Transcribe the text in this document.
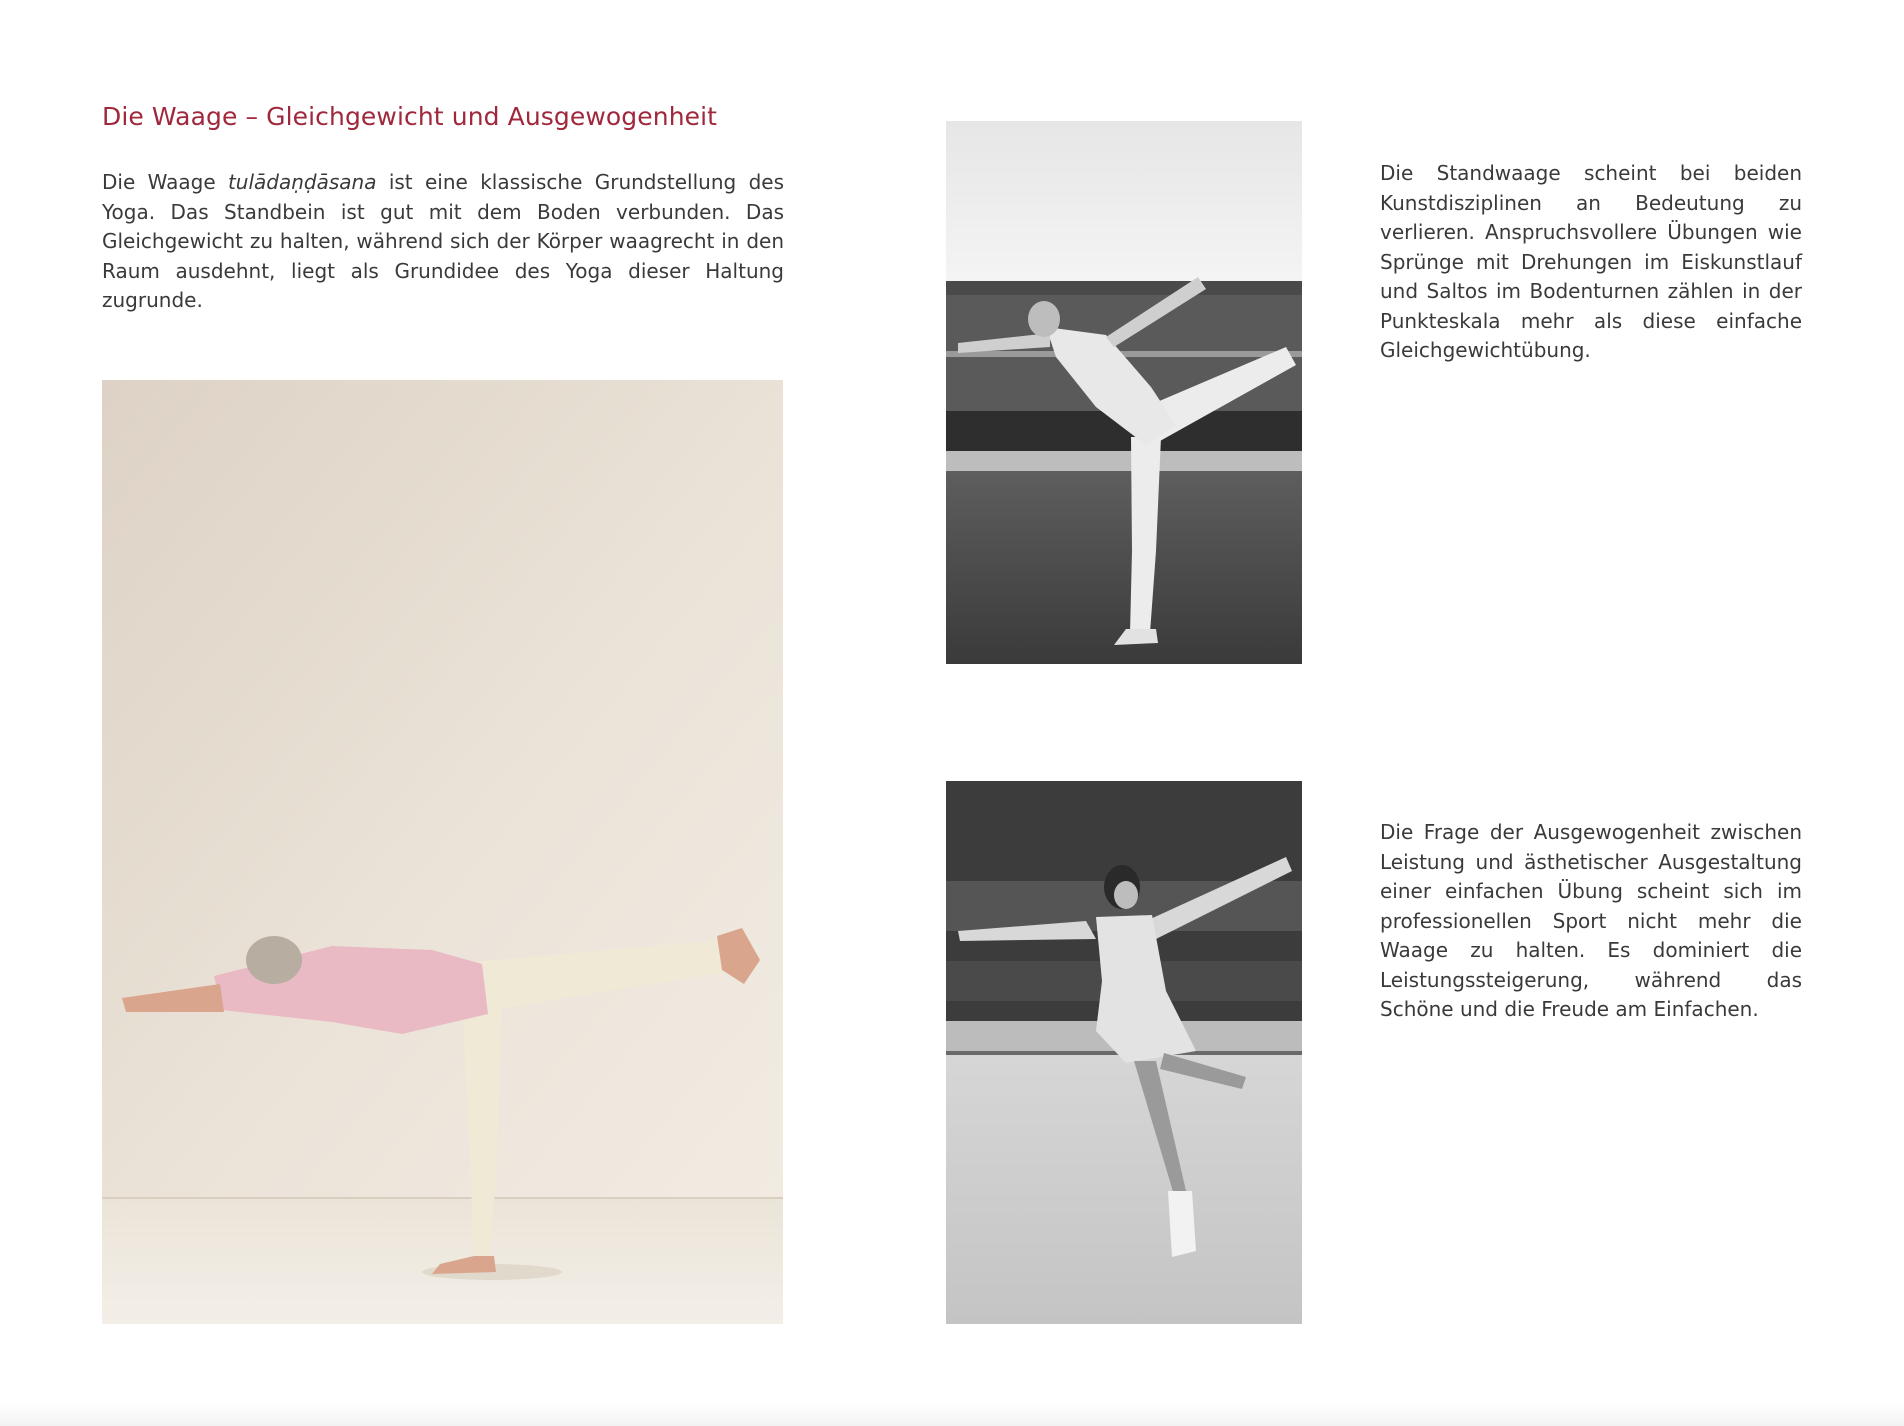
Die Waage – Gleichgewicht und Ausgewogenheit

Die Waage tulādaṇḍāsana ist eine klassische Grundstellung des Yoga. Das Standbein ist gut mit dem Boden verbunden. Das Gleichgewicht zu halten, während sich der Körper waagrecht in den Raum ausdehnt, liegt als Grundidee des Yoga dieser Haltung zugrunde.

Die Standwaage scheint bei beiden Kunstdisziplinen an Bedeutung zu verlieren. Anspruchsvollere Übungen wie Sprünge mit Drehungen im Eiskunstlauf und Saltos im Bodenturnen zählen in der Punkteskala mehr als diese einfache Gleichgewichtübung.

Die Frage der Ausgewogenheit zwischen Leistung und ästhetischer Ausgestaltung einer einfachen Übung scheint sich im professionellen Sport nicht mehr die Waage zu halten. Es dominiert die Leistungssteigerung, während das Schöne und die Freude am Einfachen.
